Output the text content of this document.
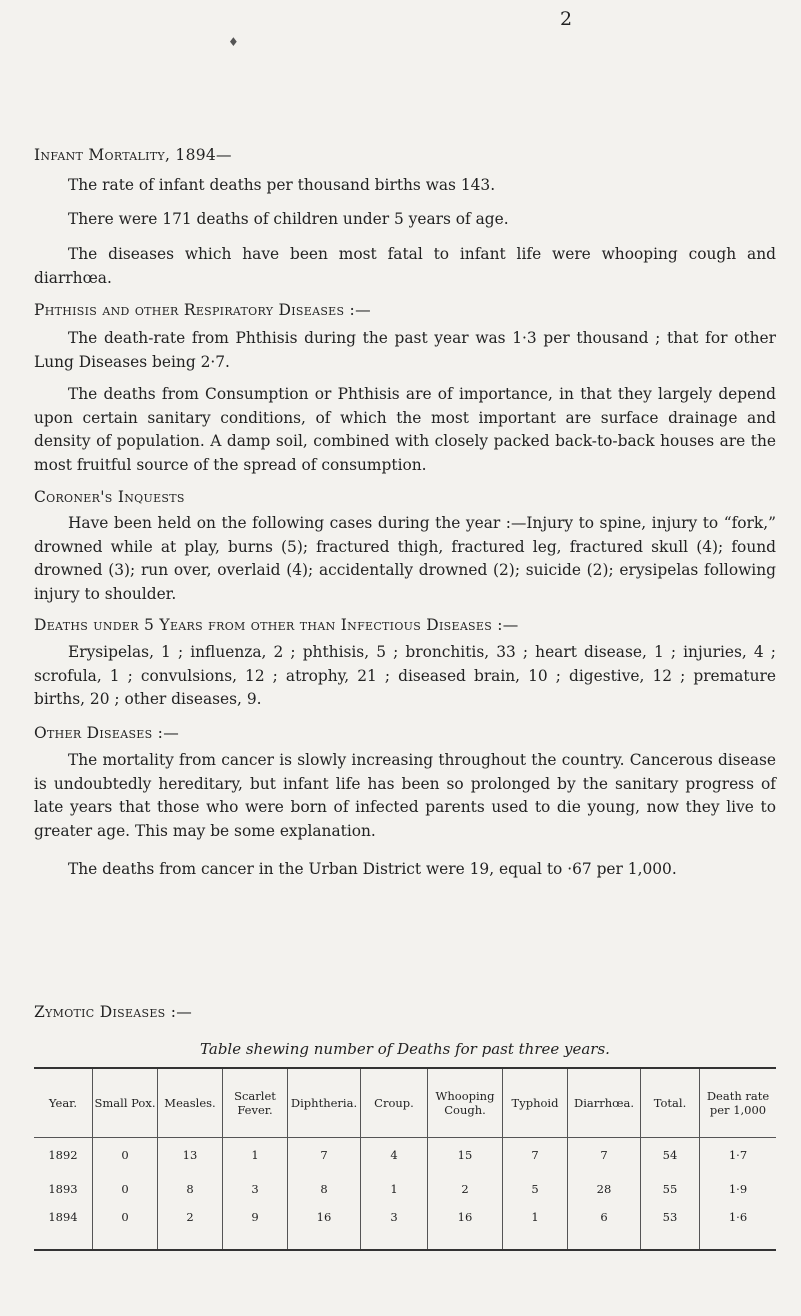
2
♦
Infant Mortality, 1894—
The rate of infant deaths per thousand births was 143.
There were 171 deaths of children under 5 years of age.
The diseases which have been most fatal to infant life were whooping cough and diarrhœa.
Phthisis and other Respiratory Diseases :—
The death-rate from Phthisis during the past year was 1·3 per thousand ; that for other Lung Diseases being 2·7.
The deaths from Consumption or Phthisis are of importance, in that they largely depend upon certain sanitary conditions, of which the most important are surface drainage and density of population. A damp soil, combined with closely packed back-to-back houses are the most fruitful source of the spread of consumption.
Coroner's Inquests
Have been held on the following cases during the year :—Injury to spine, injury to “fork,” drowned while at play, burns (5); fractured thigh, fractured leg, fractured skull (4); found drowned (3); run over, overlaid (4); accidentally drowned (2); suicide (2); erysipelas following injury to shoulder.
Deaths under 5 Years from other than Infectious Diseases :—
Erysipelas, 1 ; influenza, 2 ; phthisis, 5 ; bronchitis, 33 ; heart disease, 1 ; injuries, 4 ; scrofula, 1 ; convulsions, 12 ; atrophy, 21 ; diseased brain, 10 ; digestive, 12 ; premature births, 20 ; other diseases, 9.
Other Diseases :—
The mortality from cancer is slowly increasing throughout the country. Cancerous disease is undoubtedly hereditary, but infant life has been so prolonged by the sanitary progress of late years that those who were born of infected parents used to die young, now they live to greater age. This may be some explanation.
The deaths from cancer in the Urban District were 19, equal to ·67 per 1,000.
Zymotic Diseases :—
Table shewing number of Deaths for past three years.
Year.	Small Pox.	Measles.	Scarlet Fever.	Diphtheria.	Croup.	Whooping Cough.	Typhoid	Diarrhœa.	Total.	Death rate per 1,000
1892	0	13	1	7	4	15	7	7	54	1·7
1893	0	8	3	8	1	2	5	28	55	1·9
1894	0	2	9	16	3	16	1	6	53	1·6
